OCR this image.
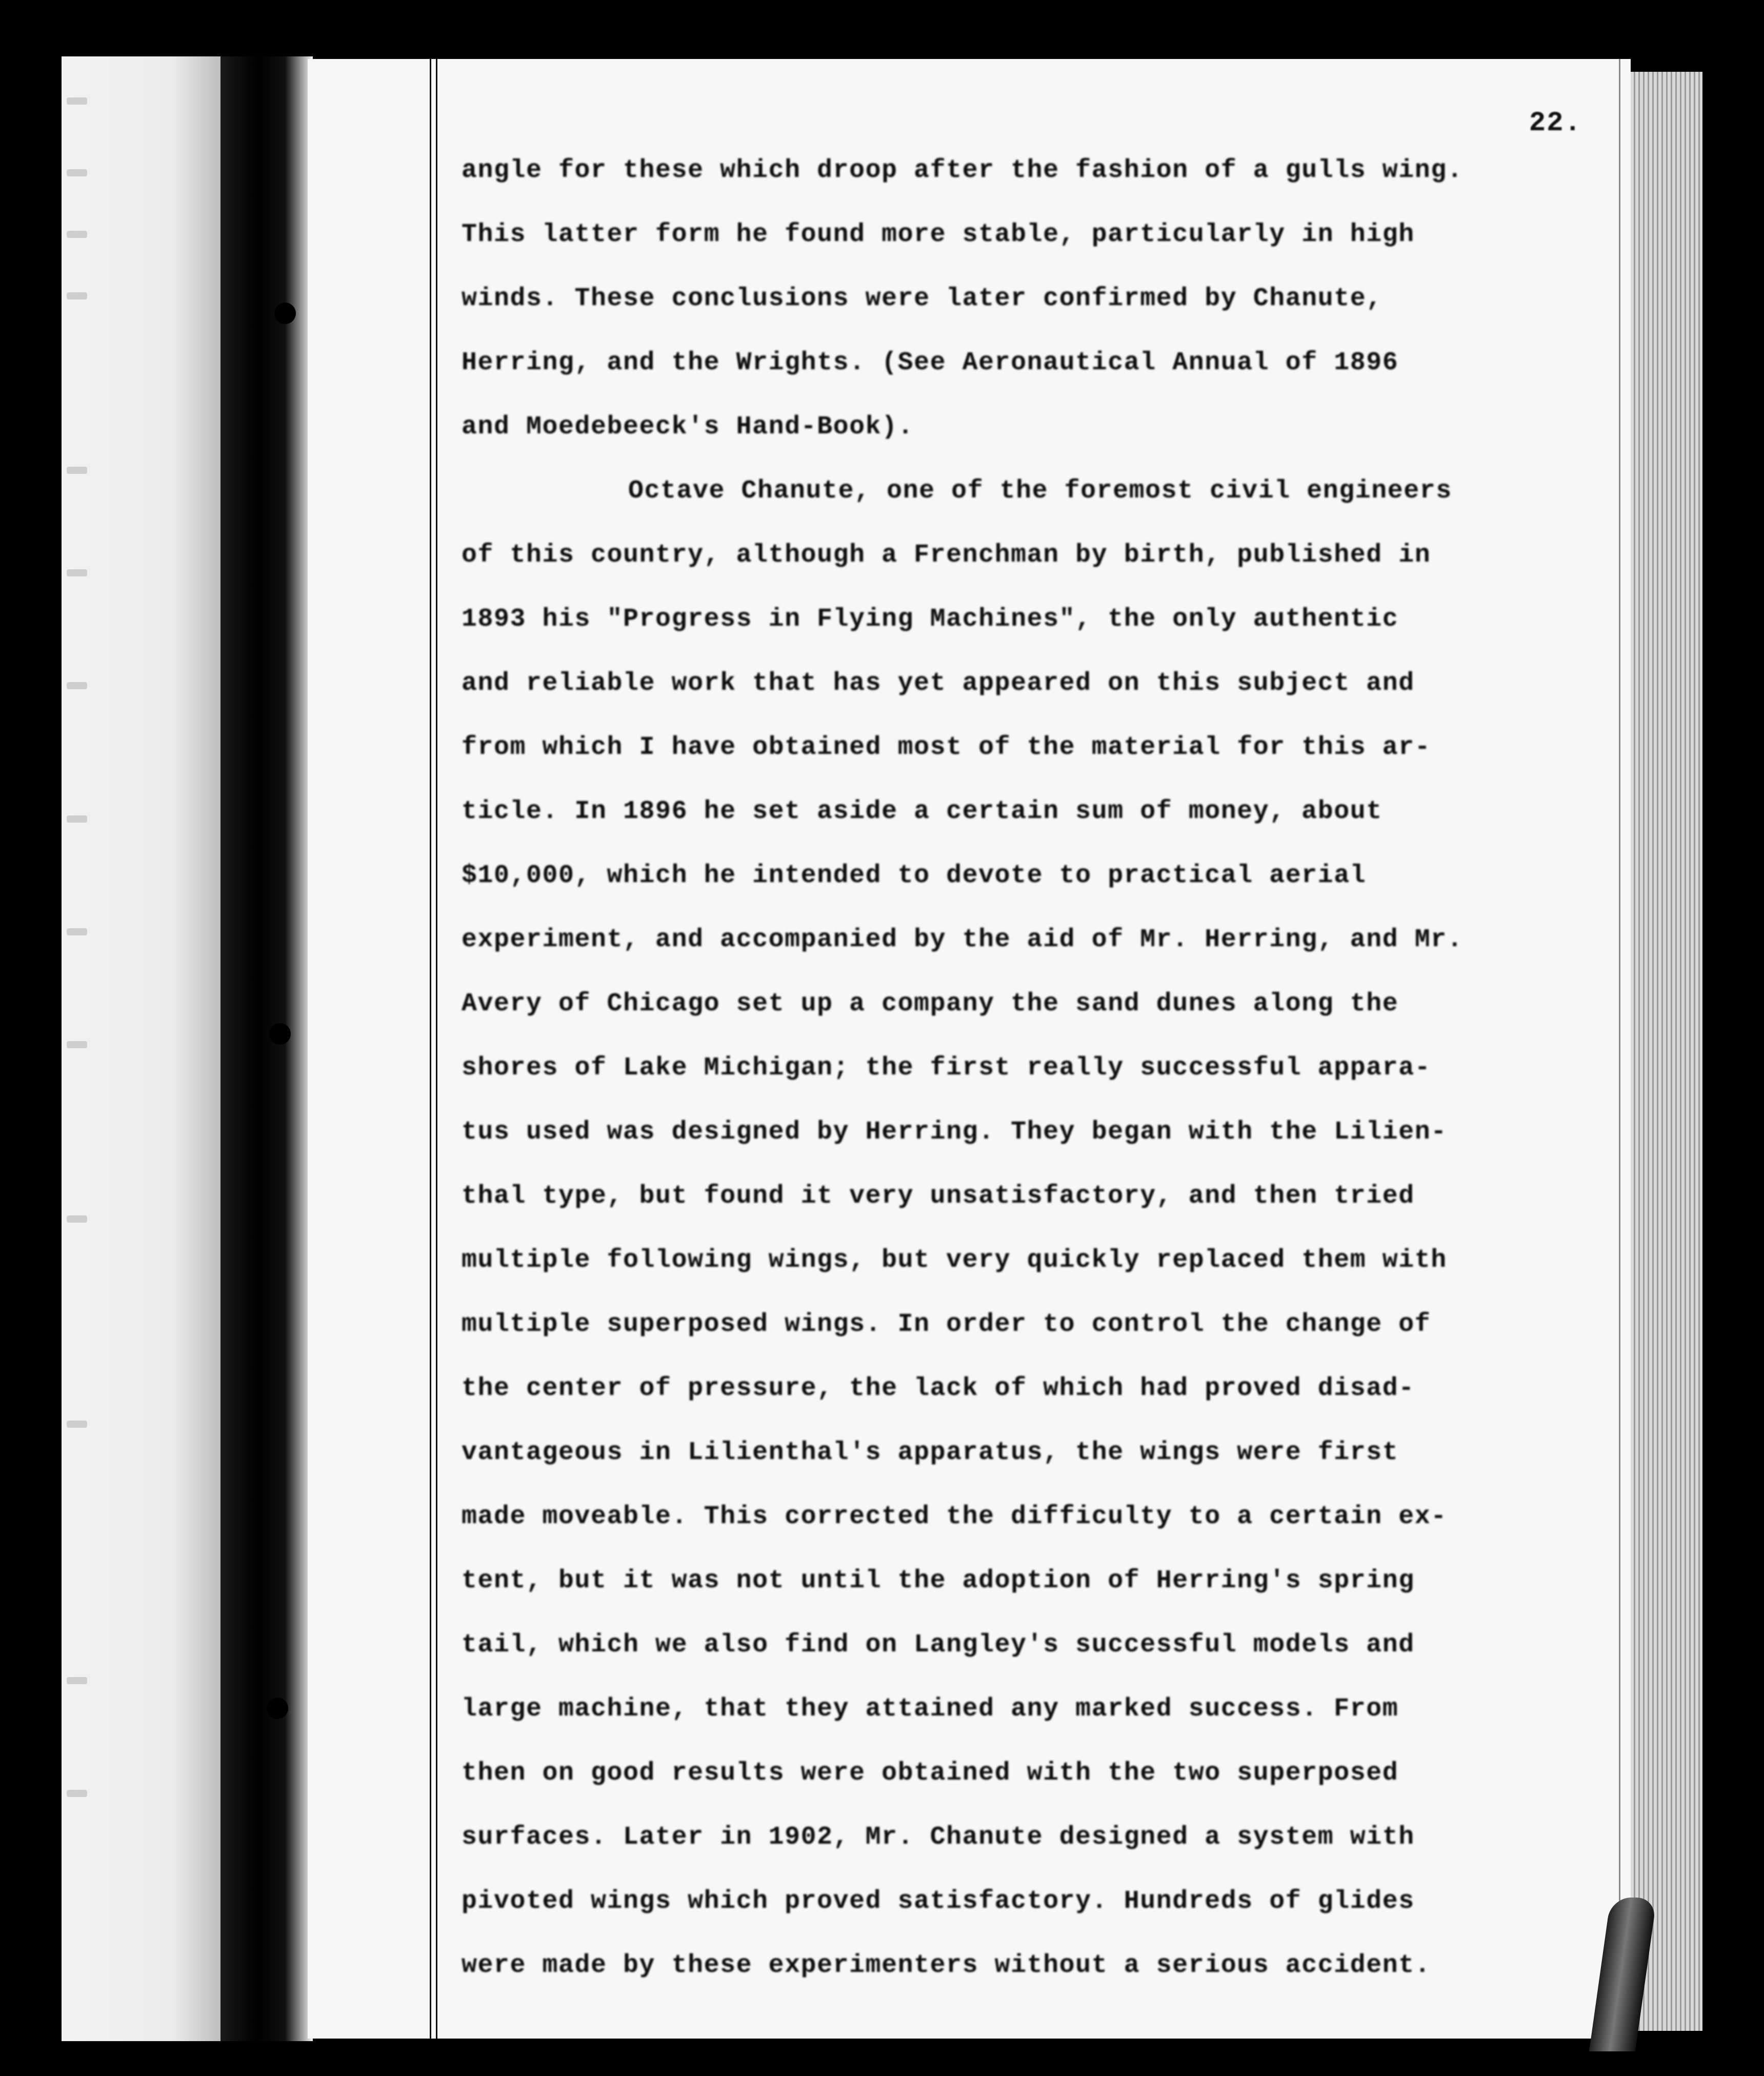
22.
angle for these which droop after the fashion of a gulls wing.
This latter form he found more stable, particularly in high
winds. These conclusions were later confirmed by Chanute,
Herring, and the Wrights. (See Aeronautical Annual of 1896
and Moedebeeck's Hand-Book).
Octave Chanute, one of the foremost civil engineers
of this country, although a Frenchman by birth, published in
1893 his "Progress in Flying Machines", the only authentic
and reliable work that has yet appeared on this subject and
from which I have obtained most of the material for this ar-
ticle. In 1896 he set aside a certain sum of money, about
$10,000, which he intended to devote to practical aerial
experiment, and accompanied by the aid of Mr. Herring, and Mr.
Avery of Chicago set up a company the sand dunes along the
shores of Lake Michigan; the first really successful appara-
tus used was designed by Herring. They began with the Lilien-
thal type, but found it very unsatisfactory, and then tried
multiple following wings, but very quickly replaced them with
multiple superposed wings. In order to control the change of
the center of pressure, the lack of which had proved disad-
vantageous in Lilienthal's apparatus, the wings were first
made moveable. This corrected the difficulty to a certain ex-
tent, but it was not until the adoption of Herring's spring
tail, which we also find on Langley's successful models and
large machine, that they attained any marked success. From
then on good results were obtained with the two superposed
surfaces. Later in 1902, Mr. Chanute designed a system with
pivoted wings which proved satisfactory. Hundreds of glides
were made by these experimenters without a serious accident.
